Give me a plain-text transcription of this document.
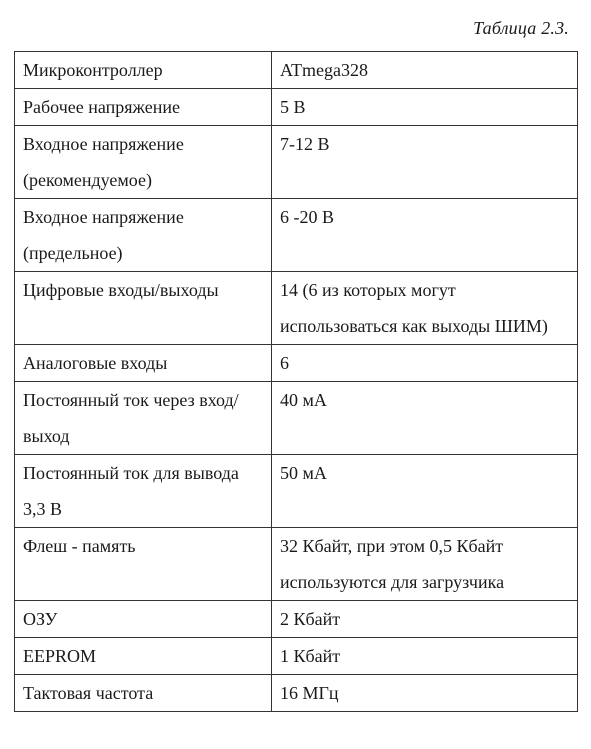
Таблица 2.3.
Микроконтроллер	ATmega328
Рабочее напряжение	5 В
Входное напряжение (рекомендуемое)	7-12 В
Входное напряжение (предельное)	6 -20 В
Цифровые входы/выходы	14 (6 из которых могут использоваться как выходы ШИМ)
Аналоговые входы	6
Постоянный ток через вход/выход	40 мА
Постоянный ток для вывода 3,3 В	50 мА
Флеш - память	32 Кбайт, при этом 0,5 Кбайт используются для загрузчика
ОЗУ	2 Кбайт
EEPROM	1 Кбайт
Тактовая частота	16 МГц
